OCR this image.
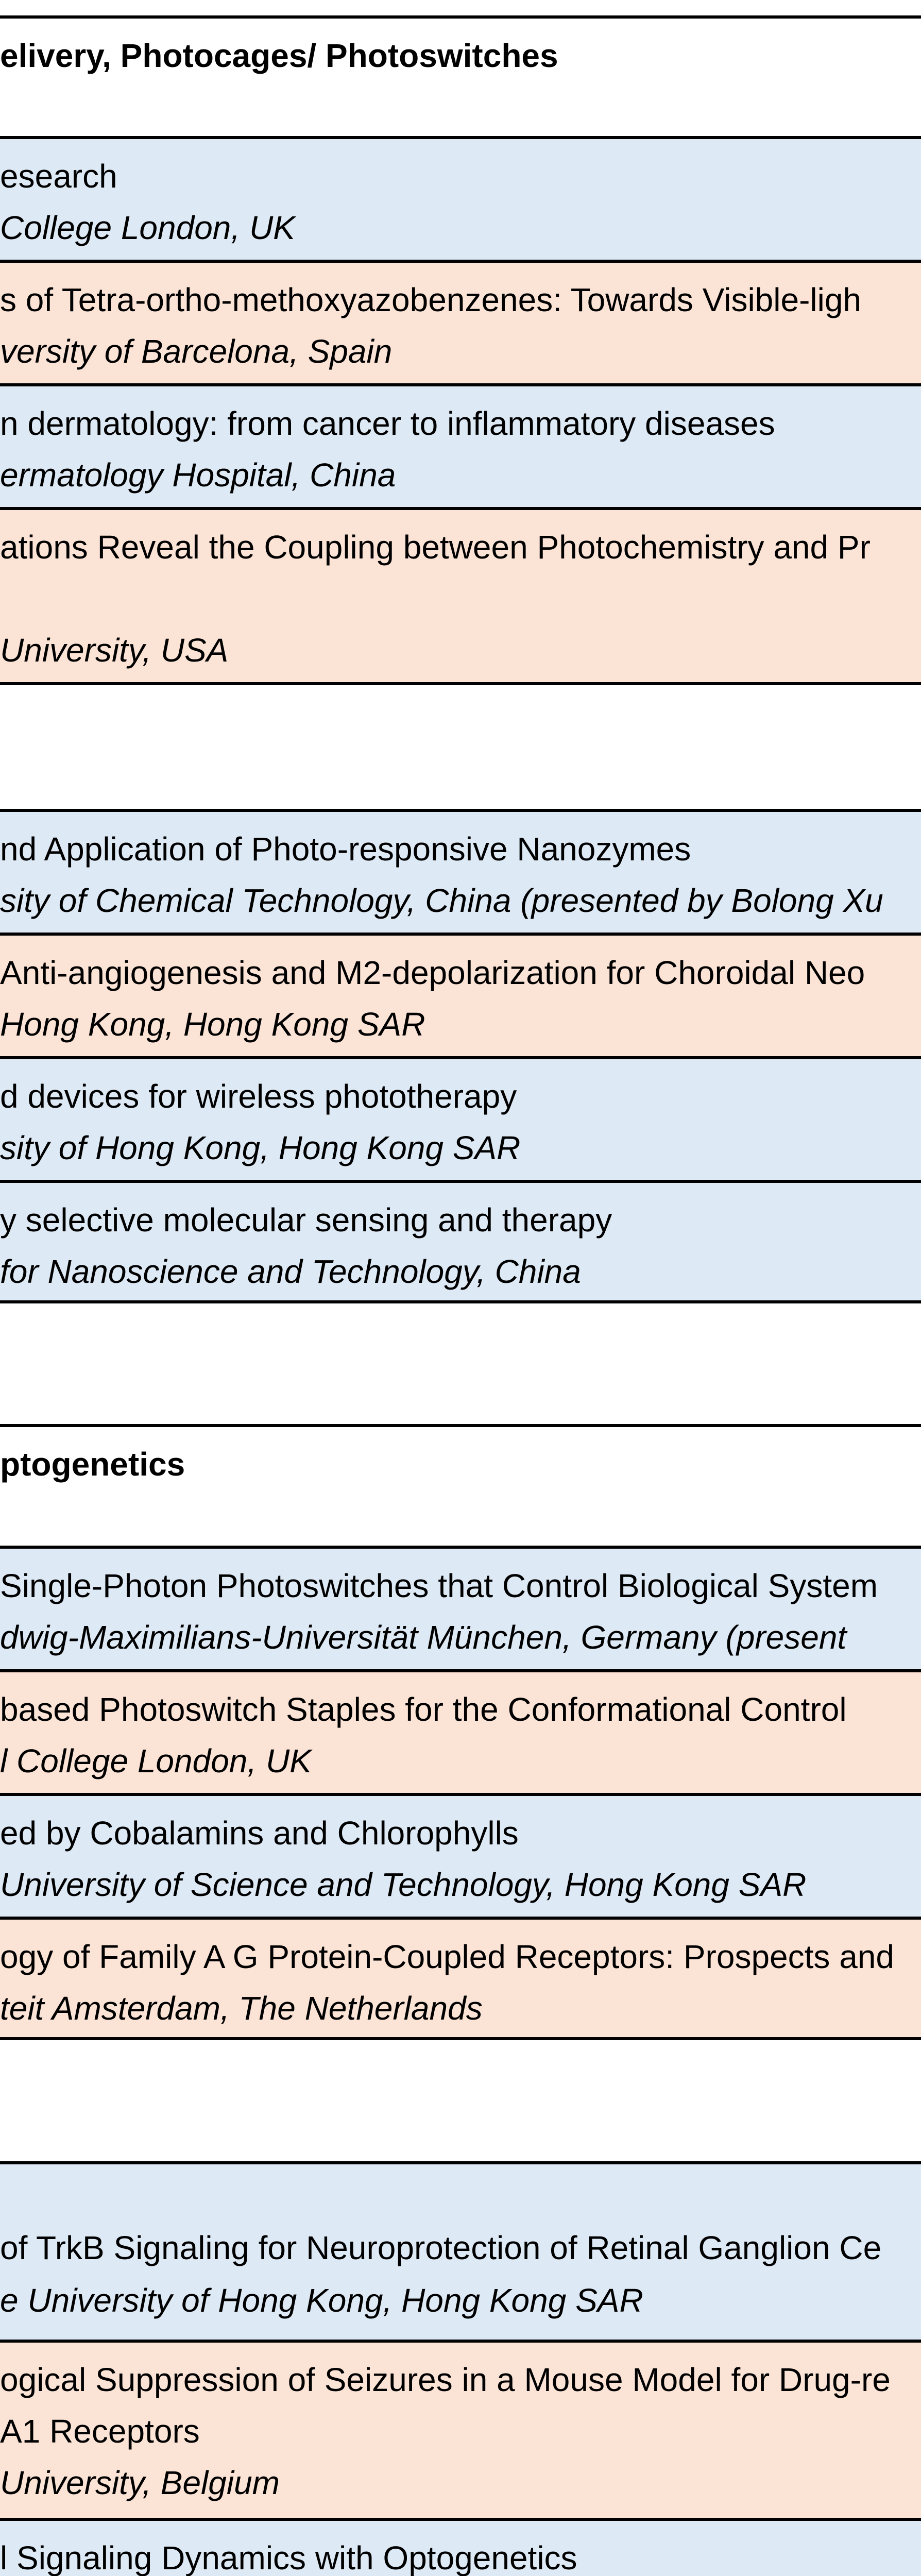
elivery, Photocages/ Photoswitches
esearch
College London, UK
s of Tetra-ortho-methoxyazobenzenes: Towards Visible-ligh
versity of Barcelona, Spain
n dermatology: from cancer to inflammatory diseases
ermatology Hospital, China
ations Reveal the Coupling between Photochemistry and Pr
University, USA
nd Application of Photo-responsive Nanozymes
sity of Chemical Technology, China (presented by Bolong Xu
Anti-angiogenesis and M2-depolarization for Choroidal Neo
Hong Kong, Hong Kong SAR
d devices for wireless phototherapy
sity of Hong Kong, Hong Kong SAR
y selective molecular sensing and therapy
for Nanoscience and Technology, China
ptogenetics
Single-Photon Photoswitches that Control Biological System
dwig-Maximilians-Universität München, Germany (present
based Photoswitch Staples for the Conformational Control
l College London, UK
ed by Cobalamins and Chlorophylls
University of Science and Technology, Hong Kong SAR
ogy of Family A G Protein-Coupled Receptors: Prospects and
teit Amsterdam, The Netherlands
of TrkB Signaling for Neuroprotection of Retinal Ganglion Ce
e University of Hong Kong, Hong Kong SAR
ogical Suppression of Seizures in a Mouse Model for Drug-re
A1 Receptors
University, Belgium
l Signaling Dynamics with Optogenetics
